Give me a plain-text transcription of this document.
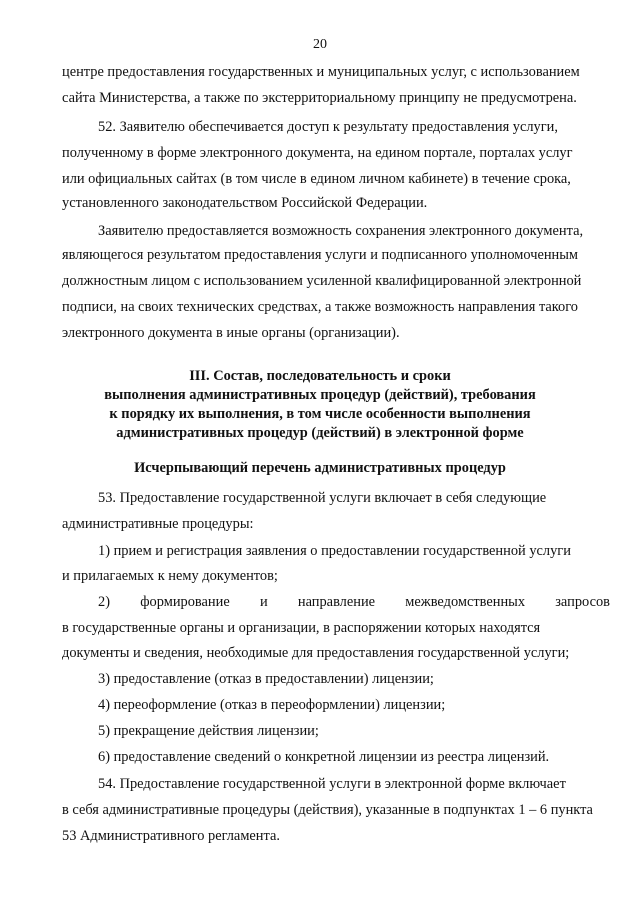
20
центре предоставления государственных и муниципальных услуг, с использованием
сайта Министерства, а также по экстерриториальному принципу не предусмотрена.
52. Заявителю обеспечивается доступ к результату предоставления услуги,
полученному в форме электронного документа, на едином портале, порталах услуг
или официальных сайтах (в том числе в едином личном кабинете) в течение срока,
установленного законодательством Российской Федерации.
Заявителю предоставляется возможность сохранения электронного документа,
являющегося результатом предоставления услуги и подписанного уполномоченным
должностным лицом с использованием усиленной квалифицированной электронной
подписи, на своих технических средствах, а также возможность направления такого
электронного документа в иные органы (организации).
III. Состав, последовательность и сроки
выполнения административных процедур (действий), требования
к порядку их выполнения, в том числе особенности выполнения
административных процедур (действий) в электронной форме
Исчерпывающий перечень административных процедур
53. Предоставление государственной услуги включает в себя следующие
административные процедуры:
1) прием и регистрация заявления о предоставлении государственной услуги
и прилагаемых к нему документов;
2) формирование и направление межведомственных запросов
в государственные органы и организации, в распоряжении которых находятся
документы и сведения, необходимые для предоставления государственной услуги;
3) предоставление (отказ в предоставлении) лицензии;
4) переоформление (отказ в переоформлении) лицензии;
5) прекращение действия лицензии;
6) предоставление сведений о конкретной лицензии из реестра лицензий.
54. Предоставление государственной услуги в электронной форме включает
в себя административные процедуры (действия), указанные в подпунктах 1 – 6 пункта
53 Административного регламента.
